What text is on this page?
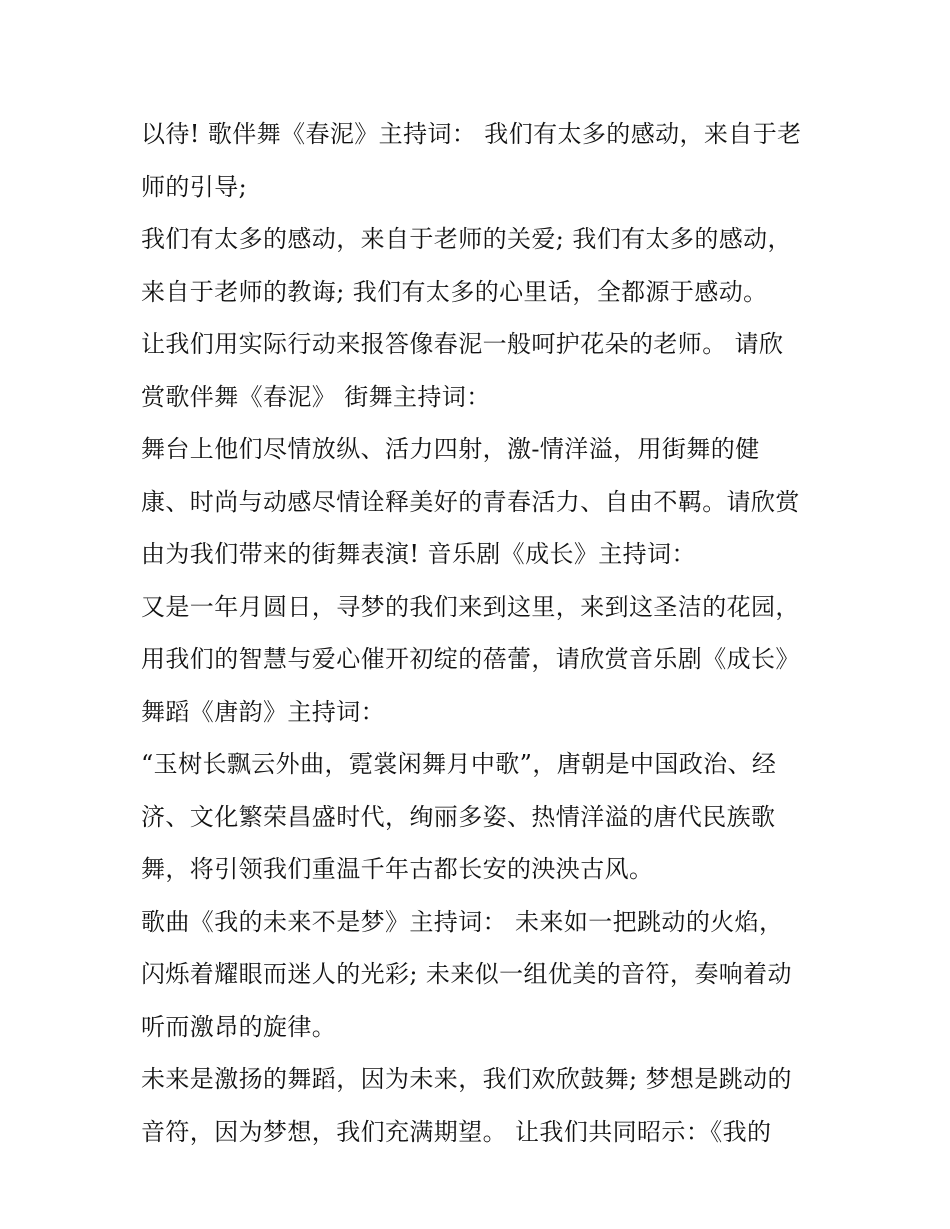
以待! 歌伴舞《春泥》主持词： 我们有太多的感动，来自于老
师的引导;
我们有太多的感动，来自于老师的关爱; 我们有太多的感动，
来自于老师的教诲; 我们有太多的心里话，全都源于感动。
让我们用实际行动来报答像春泥一般呵护花朵的老师。 请欣
赏歌伴舞《春泥》 街舞主持词：
舞台上他们尽情放纵、活力四射，激-情洋溢，用街舞的健
康、时尚与动感尽情诠释美好的青春活力、自由不羁。请欣赏
由为我们带来的街舞表演! 音乐剧《成长》主持词：
又是一年月圆日，寻梦的我们来到这里，来到这圣洁的花园，
用我们的智慧与爱心催开初绽的蓓蕾，请欣赏音乐剧《成长》
舞蹈《唐韵》主持词：
“玉树长飘云外曲，霓裳闲舞月中歌”，唐朝是中国政治、经
济、文化繁荣昌盛时代，绚丽多姿、热情洋溢的唐代民族歌
舞，将引领我们重温千年古都长安的泱泱古风。
歌曲《我的未来不是梦》主持词： 未来如一把跳动的火焰，
闪烁着耀眼而迷人的光彩; 未来似一组优美的音符，奏响着动
听而激昂的旋律。
未来是激扬的舞蹈，因为未来，我们欢欣鼓舞; 梦想是跳动的
音符，因为梦想，我们充满期望。 让我们共同昭示：《我的
